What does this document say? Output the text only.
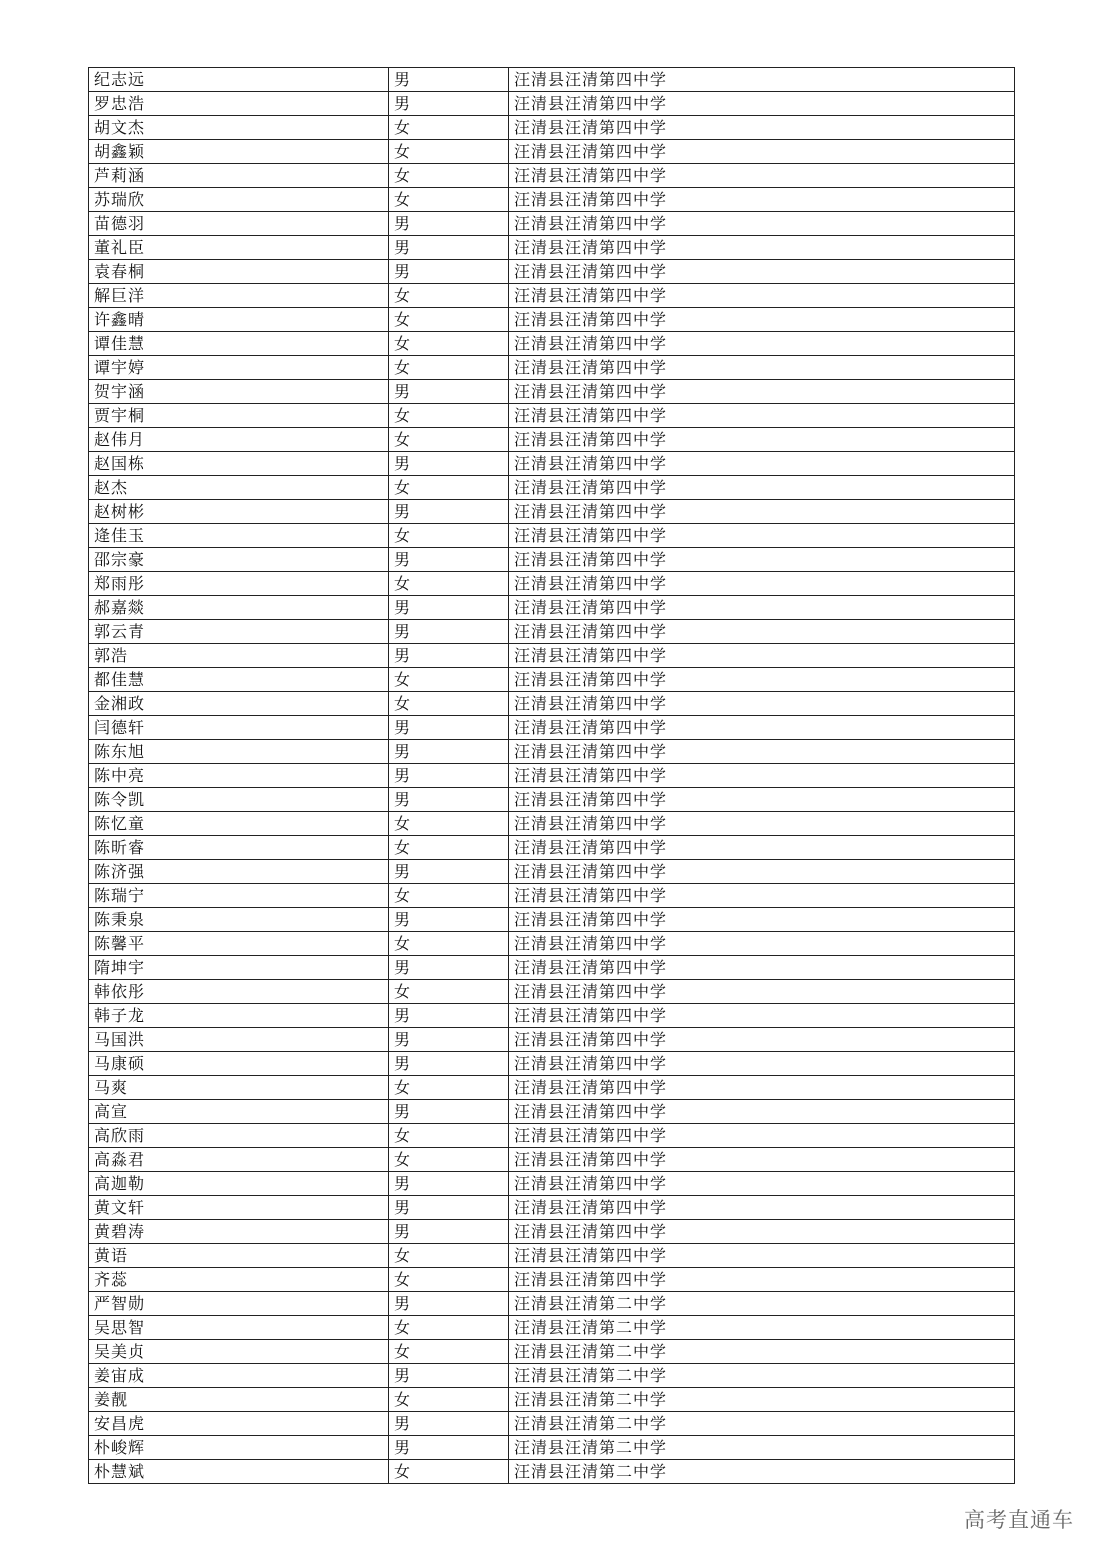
纪志远	男	汪清县汪清第四中学
罗忠浩	男	汪清县汪清第四中学
胡文杰	女	汪清县汪清第四中学
胡鑫颖	女	汪清县汪清第四中学
芦莉涵	女	汪清县汪清第四中学
苏瑞欣	女	汪清县汪清第四中学
苗德羽	男	汪清县汪清第四中学
董礼臣	男	汪清县汪清第四中学
袁春桐	男	汪清县汪清第四中学
解巨洋	女	汪清县汪清第四中学
许鑫晴	女	汪清县汪清第四中学
谭佳慧	女	汪清县汪清第四中学
谭宇婷	女	汪清县汪清第四中学
贺宇涵	男	汪清县汪清第四中学
贾宇桐	女	汪清县汪清第四中学
赵伟月	女	汪清县汪清第四中学
赵国栋	男	汪清县汪清第四中学
赵杰	女	汪清县汪清第四中学
赵树彬	男	汪清县汪清第四中学
逄佳玉	女	汪清县汪清第四中学
邵宗豪	男	汪清县汪清第四中学
郑雨彤	女	汪清县汪清第四中学
郝嘉燚	男	汪清县汪清第四中学
郭云青	男	汪清县汪清第四中学
郭浩	男	汪清县汪清第四中学
都佳慧	女	汪清县汪清第四中学
金湘政	女	汪清县汪清第四中学
闫德轩	男	汪清县汪清第四中学
陈东旭	男	汪清县汪清第四中学
陈中亮	男	汪清县汪清第四中学
陈令凯	男	汪清县汪清第四中学
陈忆童	女	汪清县汪清第四中学
陈昕睿	女	汪清县汪清第四中学
陈济强	男	汪清县汪清第四中学
陈瑞宁	女	汪清县汪清第四中学
陈秉泉	男	汪清县汪清第四中学
陈馨平	女	汪清县汪清第四中学
隋坤宇	男	汪清县汪清第四中学
韩依彤	女	汪清县汪清第四中学
韩子龙	男	汪清县汪清第四中学
马国洪	男	汪清县汪清第四中学
马康硕	男	汪清县汪清第四中学
马爽	女	汪清县汪清第四中学
高宣	男	汪清县汪清第四中学
高欣雨	女	汪清县汪清第四中学
高淼君	女	汪清县汪清第四中学
高迦勒	男	汪清县汪清第四中学
黄文轩	男	汪清县汪清第四中学
黄碧涛	男	汪清县汪清第四中学
黄语	女	汪清县汪清第四中学
齐蕊	女	汪清县汪清第四中学
严智勋	男	汪清县汪清第二中学
吴思智	女	汪清县汪清第二中学
吴美贞	女	汪清县汪清第二中学
姜宙成	男	汪清县汪清第二中学
姜靓	女	汪清县汪清第二中学
安昌虎	男	汪清县汪清第二中学
朴峻辉	男	汪清县汪清第二中学
朴慧斌	女	汪清县汪清第二中学
高考直通车
